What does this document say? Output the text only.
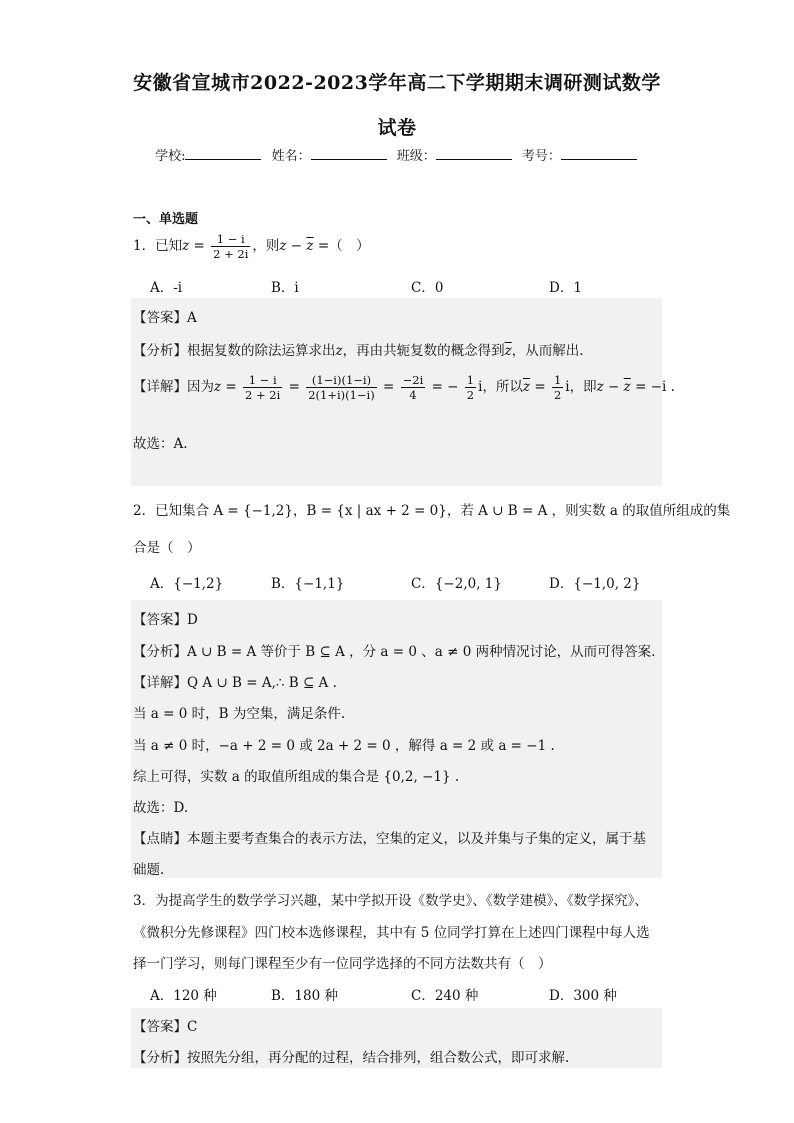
安徽省宣城市2022-2023学年高二下学期期末调研测试数学
试卷
学校:	姓名：	班级：	考号：
一、单选题
1．已知$z = \frac{1 - i}{2 + 2i}$ ，则$z - \overline{z}$ =（　）
A．-i	B．i	C．0	D．1
【答案】A
【分析】根据复数的除法运算求出z，再由共轭复数的概念得到$\overline{z}$，从而解出.
【详解】因为$z = \frac{1 - i}{2 + 2i} = \frac{(1-i)(1-i)}{2(1+i)(1-i)} = \frac{-2i}{4}$ = − $\frac{1}{2}$ i，所以$\overline{z} = \frac{1}{2}$ i，即$z - \overline{z} = -i$ .
故选：A.
2．已知集合 A = {−1,2}，B = {x | ax + 2 = 0}，若 A ∪ B = A ，则实数 a 的取值所组成的集
合是（　）
A．{−1,2}	B．{−1,1}	C．{−2,0, 1}	D．{−1,0, 2}
【答案】D
【分析】A ∪ B = A 等价于 B ⊆ A ，分 a = 0 、a ≠ 0 两种情况讨论，从而可得答案.
【详解】Q A ∪ B = A,∴ B ⊆ A .
当 a = 0 时，B 为空集，满足条件.
当 a ≠ 0 时，−a + 2 = 0 或 2a + 2 = 0 ，解得 a = 2 或 a = −1 .
综上可得，实数 a 的取值所组成的集合是 {0,2, −1} .
故选：D.
【点睛】本题主要考查集合的表示方法，空集的定义，以及并集与子集的定义，属于基
础题.
3．为提高学生的数学学习兴趣，某中学拟开设《数学史》、《数学建模》、《数学探究》、
《微积分先修课程》四门校本选修课程，其中有 5 位同学打算在上述四门课程中每人选
择一门学习，则每门课程至少有一位同学选择的不同方法数共有（　）
A．120 种	B．180 种	C．240 种	D．300 种
【答案】C
【分析】按照先分组，再分配的过程，结合排列，组合数公式，即可求解.
